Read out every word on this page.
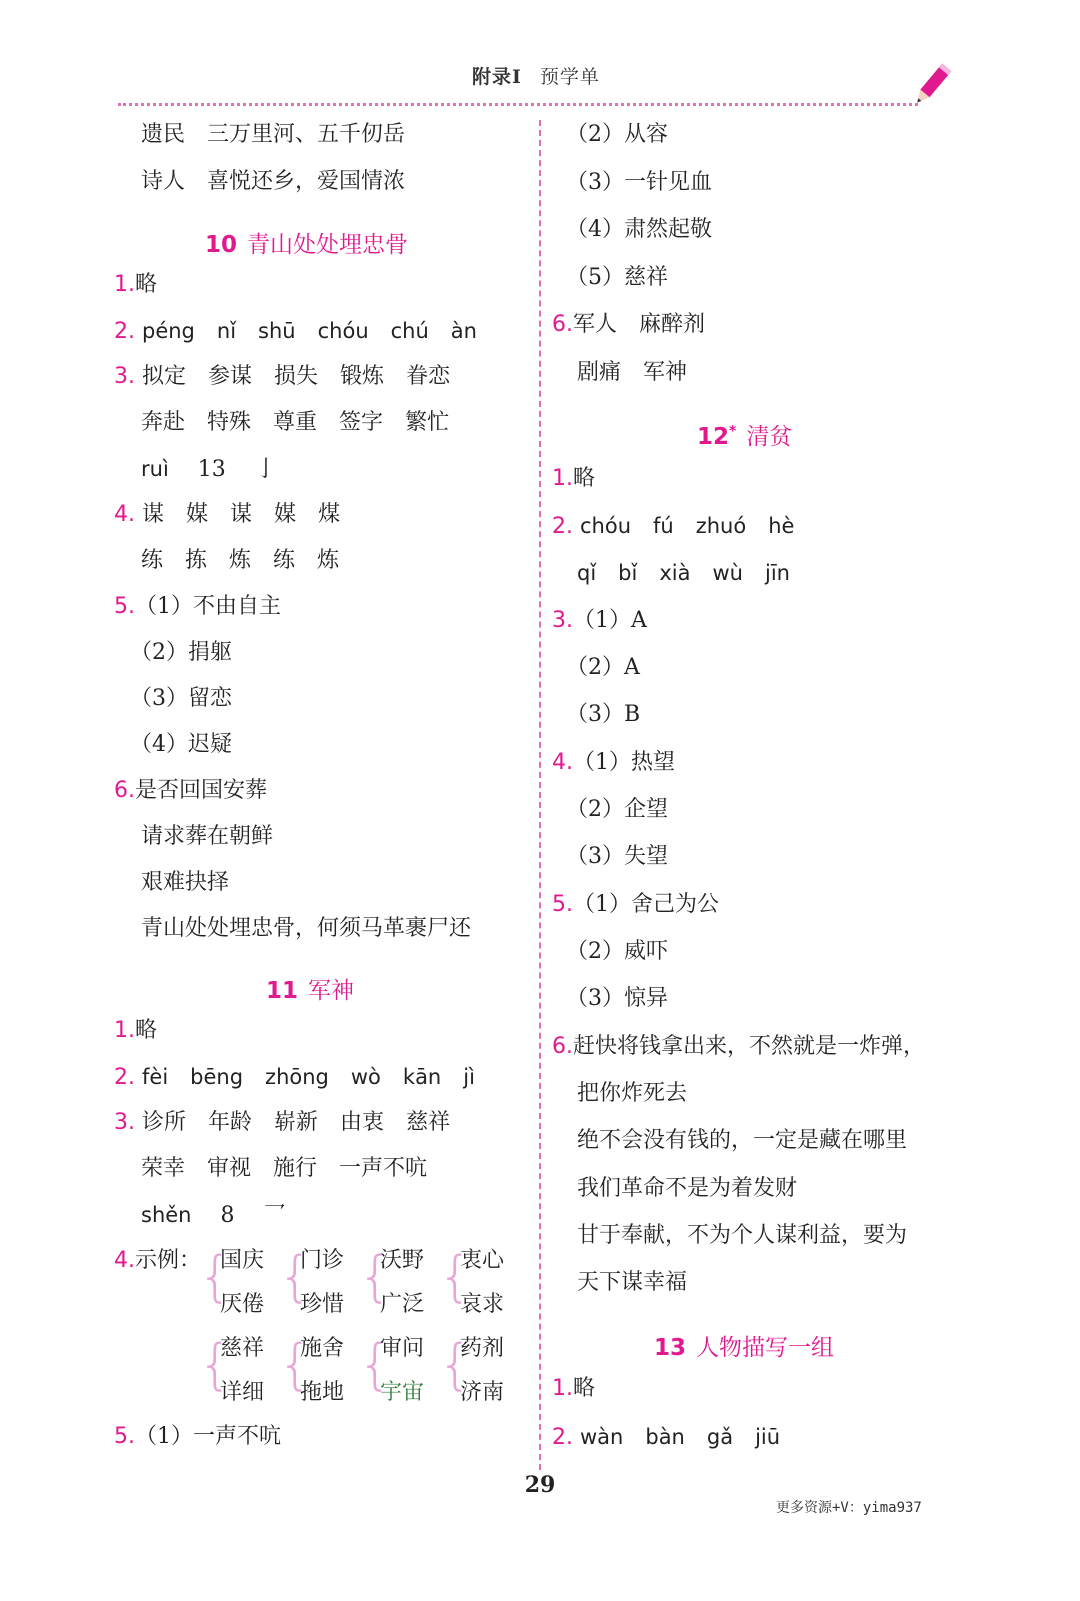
附录Ⅰ 预学单
遗民 三万里河、五千仞岳
诗人 喜悦还乡，爱国情浓
10 青山处处埋忠骨
1.略
2. péng nǐ shū chóu chú àn
3. 拟定 参谋 损失 锻炼 眷恋
奔赴 特殊 尊重 签字 繁忙
ruì 13 亅
4. 谋 媒 谋 媒 煤
练 拣 炼 练 炼
5.（1）不由自主
（2）捐躯
（3）留恋
（4）迟疑
6.是否回国安葬
请求葬在朝鲜
艰难抉择
青山处处埋忠骨，何须马革裹尸还
11 军神
1.略
2. fèi bēng zhōng wò kān jì
3. 诊所 年龄 崭新 由衷 慈祥
荣幸 审视 施行 一声不吭
shěn 8 乛
4.示例：
{
国庆
厌倦 {
门诊
珍惜 {
沃野
广泛 {
衷心
哀求
{
慈祥
详细 {
施舍
拖地 {
审问
宇宙 {
药剂
济南
5.（1）一声不吭
（2）从容
（3）一针见血
（4）肃然起敬
（5）慈祥
6.军人 麻醉剂
剧痛 军神
12* 清贫
1.略
2. chóu fú zhuó hè
qǐ bǐ xià wù jīn
3.（1）A
（2）A
（3）B
4.（1）热望
（2）企望
（3）失望
5.（1）舍己为公
（2）威吓
（3）惊异
6.赶快将钱拿出来，不然就是一炸弹，
把你炸死去
绝不会没有钱的，一定是藏在哪里
我们革命不是为着发财
甘于奉献，不为个人谋利益，要为
天下谋幸福
13 人物描写一组
1.略
2. wàn bàn gǎ jiū
29
更多资源+V：yima937
